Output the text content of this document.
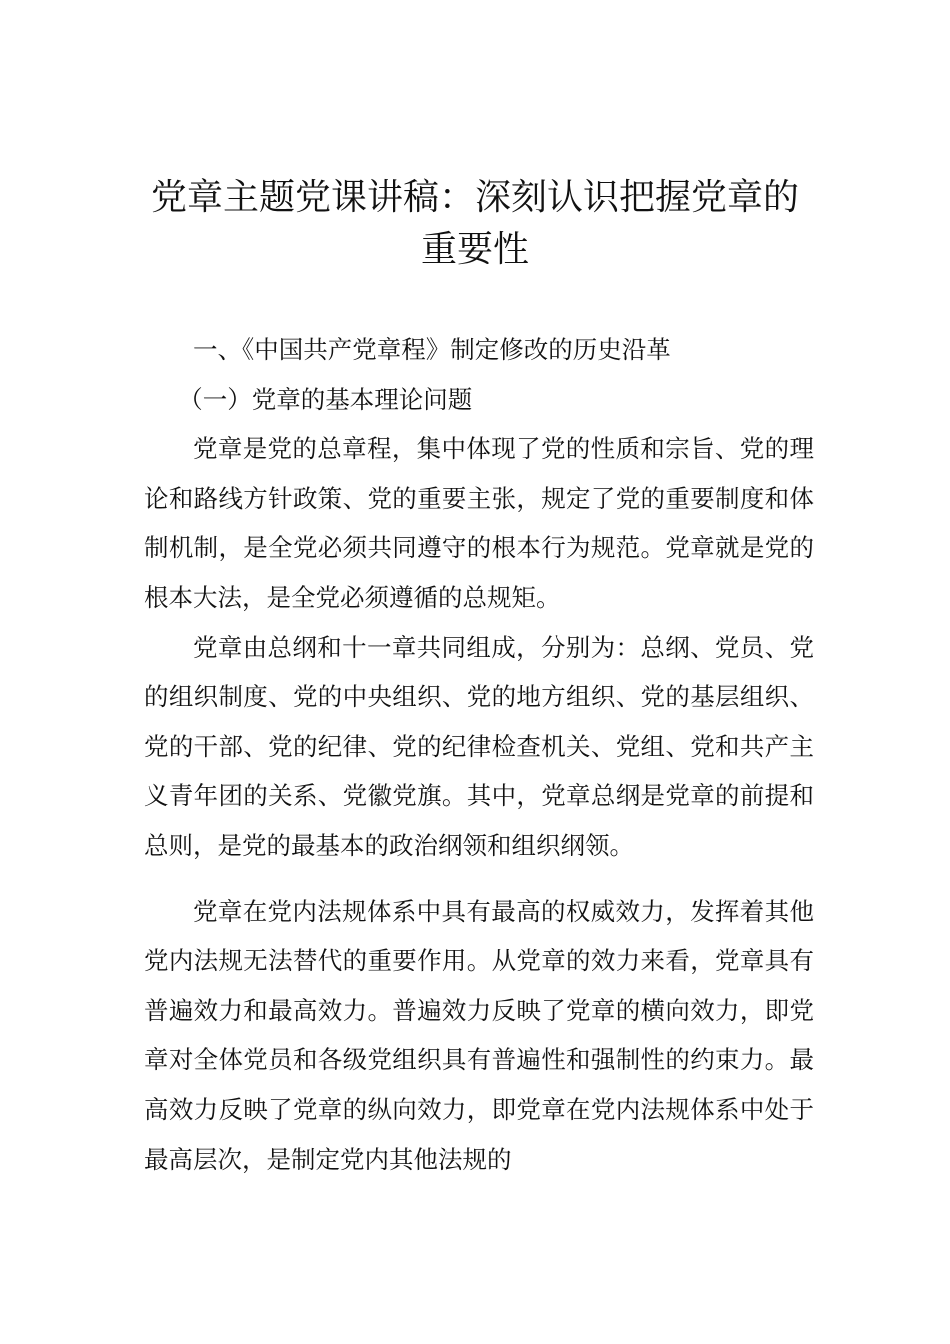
党章主题党课讲稿：深刻认识把握党章的
重要性

一、《中国共产党章程》制定修改的历史沿革

（一）党章的基本理论问题

党章是党的总章程，集中体现了党的性质和宗旨、党的理论和路线方针政策、党的重要主张，规定了党的重要制度和体制机制，是全党必须共同遵守的根本行为规范。党章就是党的根本大法，是全党必须遵循的总规矩。

党章由总纲和十一章共同组成，分别为：总纲、党员、党的组织制度、党的中央组织、党的地方组织、党的基层组织、党的干部、党的纪律、党的纪律检查机关、党组、党和共产主义青年团的关系、党徽党旗。其中，党章总纲是党章的前提和总则，是党的最基本的政治纲领和组织纲领。

党章在党内法规体系中具有最高的权威效力，发挥着其他党内法规无法替代的重要作用。从党章的效力来看，党章具有普遍效力和最高效力。普遍效力反映了党章的横向效力，即党章对全体党员和各级党组织具有普遍性和强制性的约束力。最高效力反映了党章的纵向效力，即党章在党内法规体系中处于最高层次，是制定党内其他法规的
